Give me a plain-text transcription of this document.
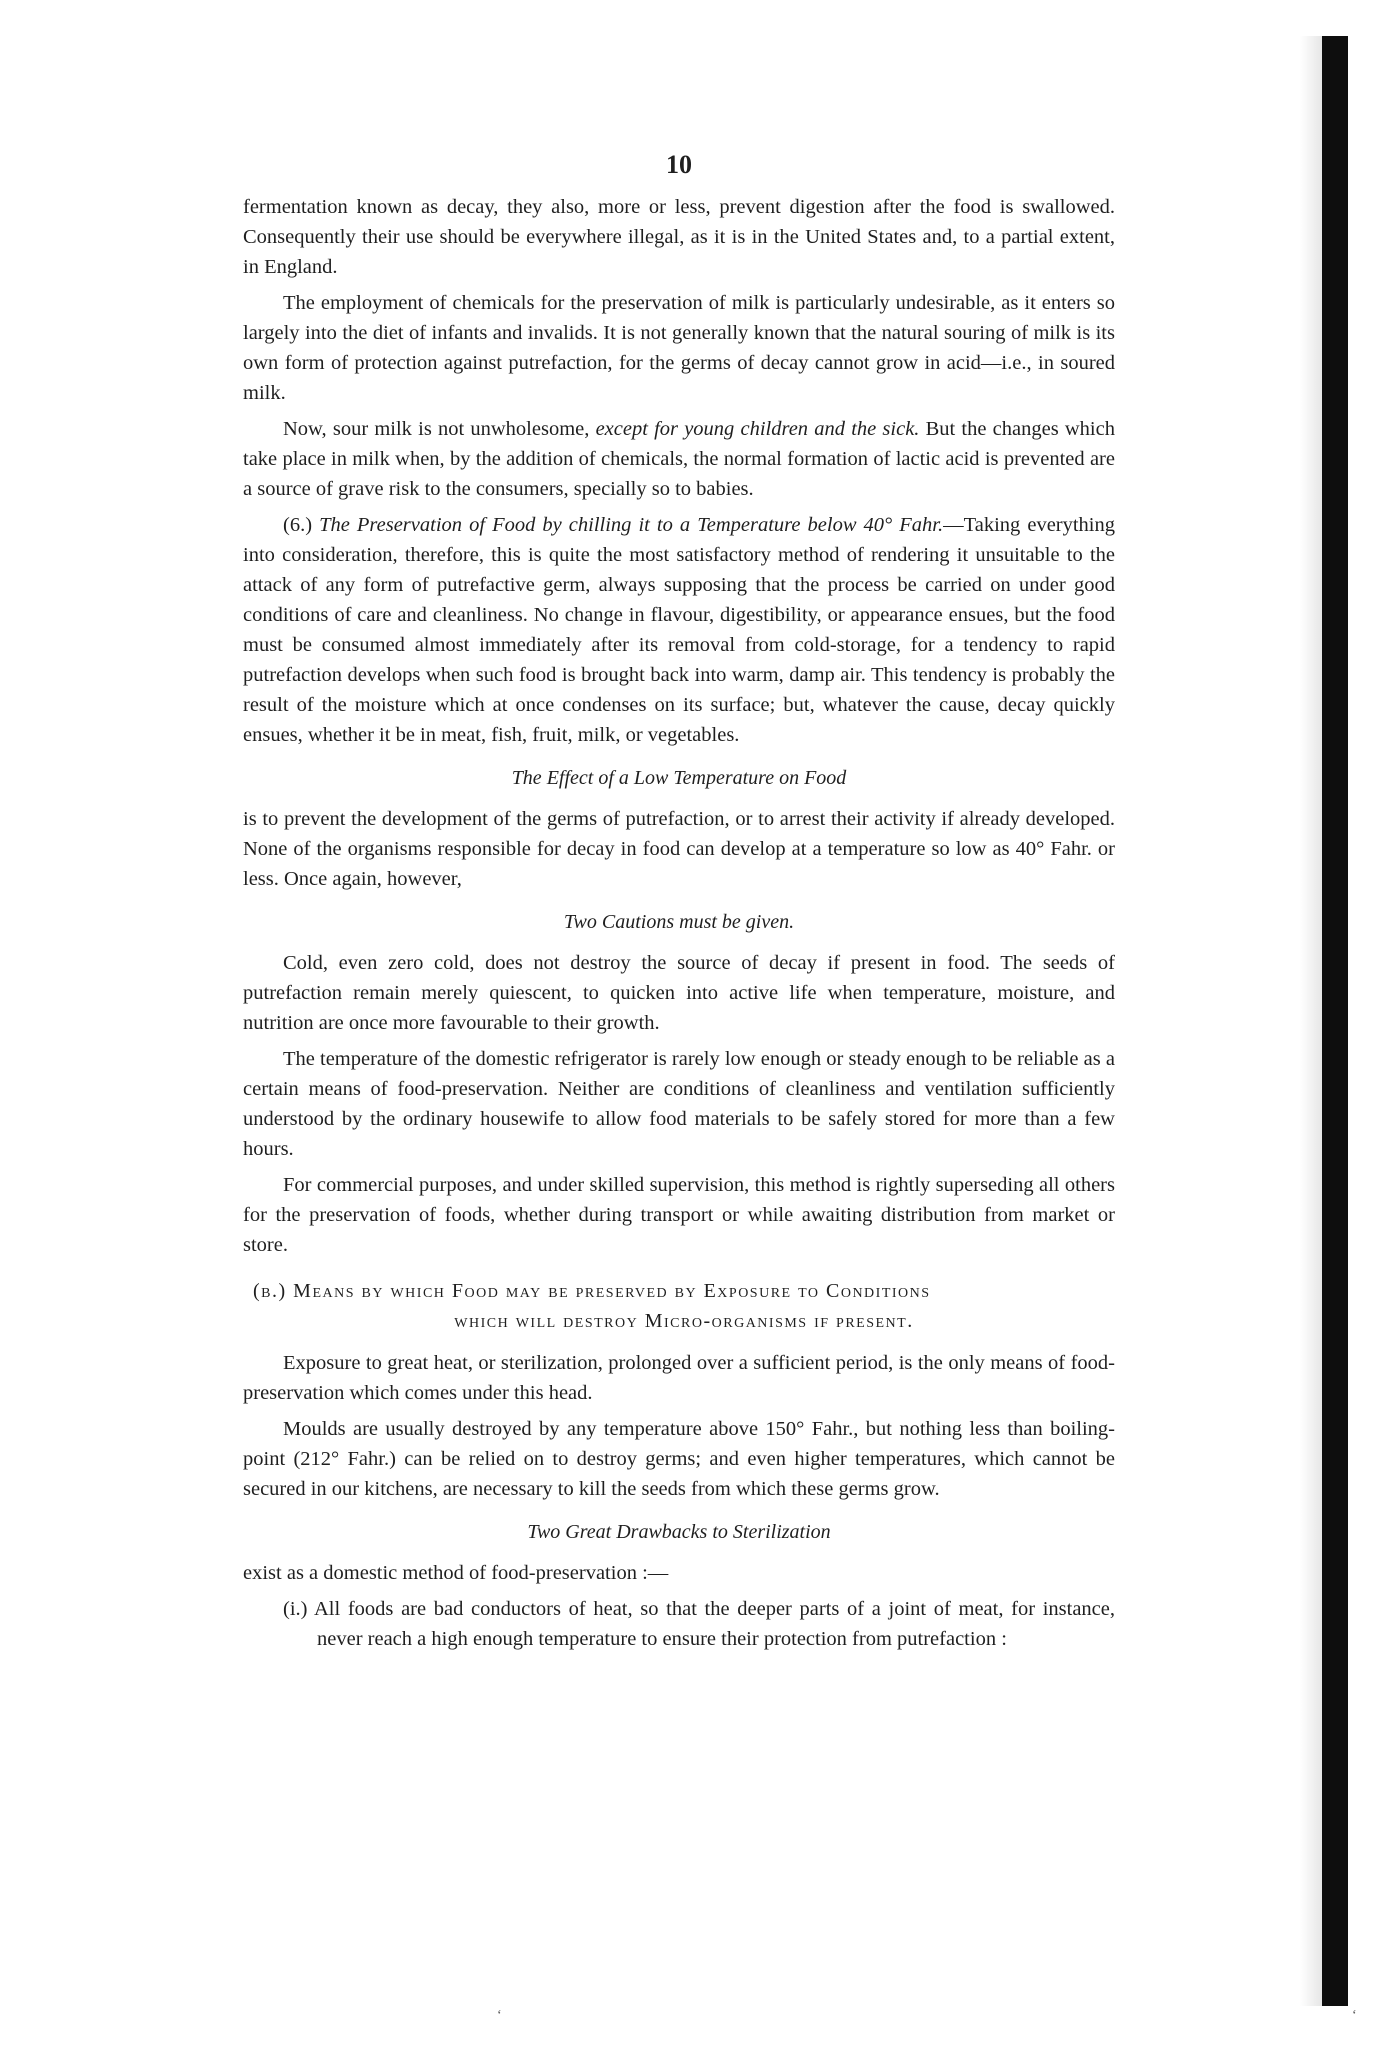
ʻ	ʻ
10

fermentation known as decay, they also, more or less, prevent digestion after the food is swallowed. Consequently their use should be everywhere illegal, as it is in the United States and, to a partial extent, in England.

The employment of chemicals for the preservation of milk is particularly undesirable, as it enters so largely into the diet of infants and invalids. It is not generally known that the natural souring of milk is its own form of protection against putrefaction, for the germs of decay cannot grow in acid—i.e., in soured milk.

Now, sour milk is not unwholesome, except for young children and the sick. But the changes which take place in milk when, by the addition of chemicals, the normal formation of lactic acid is prevented are a source of grave risk to the consumers, specially so to babies.

(6.) The Preservation of Food by chilling it to a Temperature below 40° Fahr.—Taking everything into consideration, therefore, this is quite the most satisfactory method of rendering it unsuitable to the attack of any form of putrefactive germ, always supposing that the process be carried on under good conditions of care and cleanliness. No change in flavour, digestibility, or appearance ensues, but the food must be consumed almost immediately after its removal from cold-storage, for a tendency to rapid putrefaction develops when such food is brought back into warm, damp air. This tendency is probably the result of the moisture which at once condenses on its surface; but, whatever the cause, decay quickly ensues, whether it be in meat, fish, fruit, milk, or vegetables.

The Effect of a Low Temperature on Food

is to prevent the development of the germs of putrefaction, or to arrest their activity if already developed. None of the organisms responsible for decay in food can develop at a temperature so low as 40° Fahr. or less. Once again, however,

Two Cautions must be given.

Cold, even zero cold, does not destroy the source of decay if present in food. The seeds of putrefaction remain merely quiescent, to quicken into active life when temperature, moisture, and nutrition are once more favourable to their growth.

The temperature of the domestic refrigerator is rarely low enough or steady enough to be reliable as a certain means of food-preservation. Neither are conditions of cleanliness and ventilation sufficiently understood by the ordinary housewife to allow food materials to be safely stored for more than a few hours.

For commercial purposes, and under skilled supervision, this method is rightly superseding all others for the preservation of foods, whether during transport or while awaiting distribution from market or store.

(b.) Means by which Food may be preserved by Exposure to Conditions
which will destroy Micro-organisms if present.

Exposure to great heat, or sterilization, prolonged over a sufficient period, is the only means of food-preservation which comes under this head.

Moulds are usually destroyed by any temperature above 150° Fahr., but nothing less than boiling-point (212° Fahr.) can be relied on to destroy germs; and even higher temperatures, which cannot be secured in our kitchens, are necessary to kill the seeds from which these germs grow.

Two Great Drawbacks to Sterilization

exist as a domestic method of food-preservation :—

(i.) All foods are bad conductors of heat, so that the deeper parts of a joint of meat, for instance, never reach a high enough temperature to ensure their protection from putrefaction :
